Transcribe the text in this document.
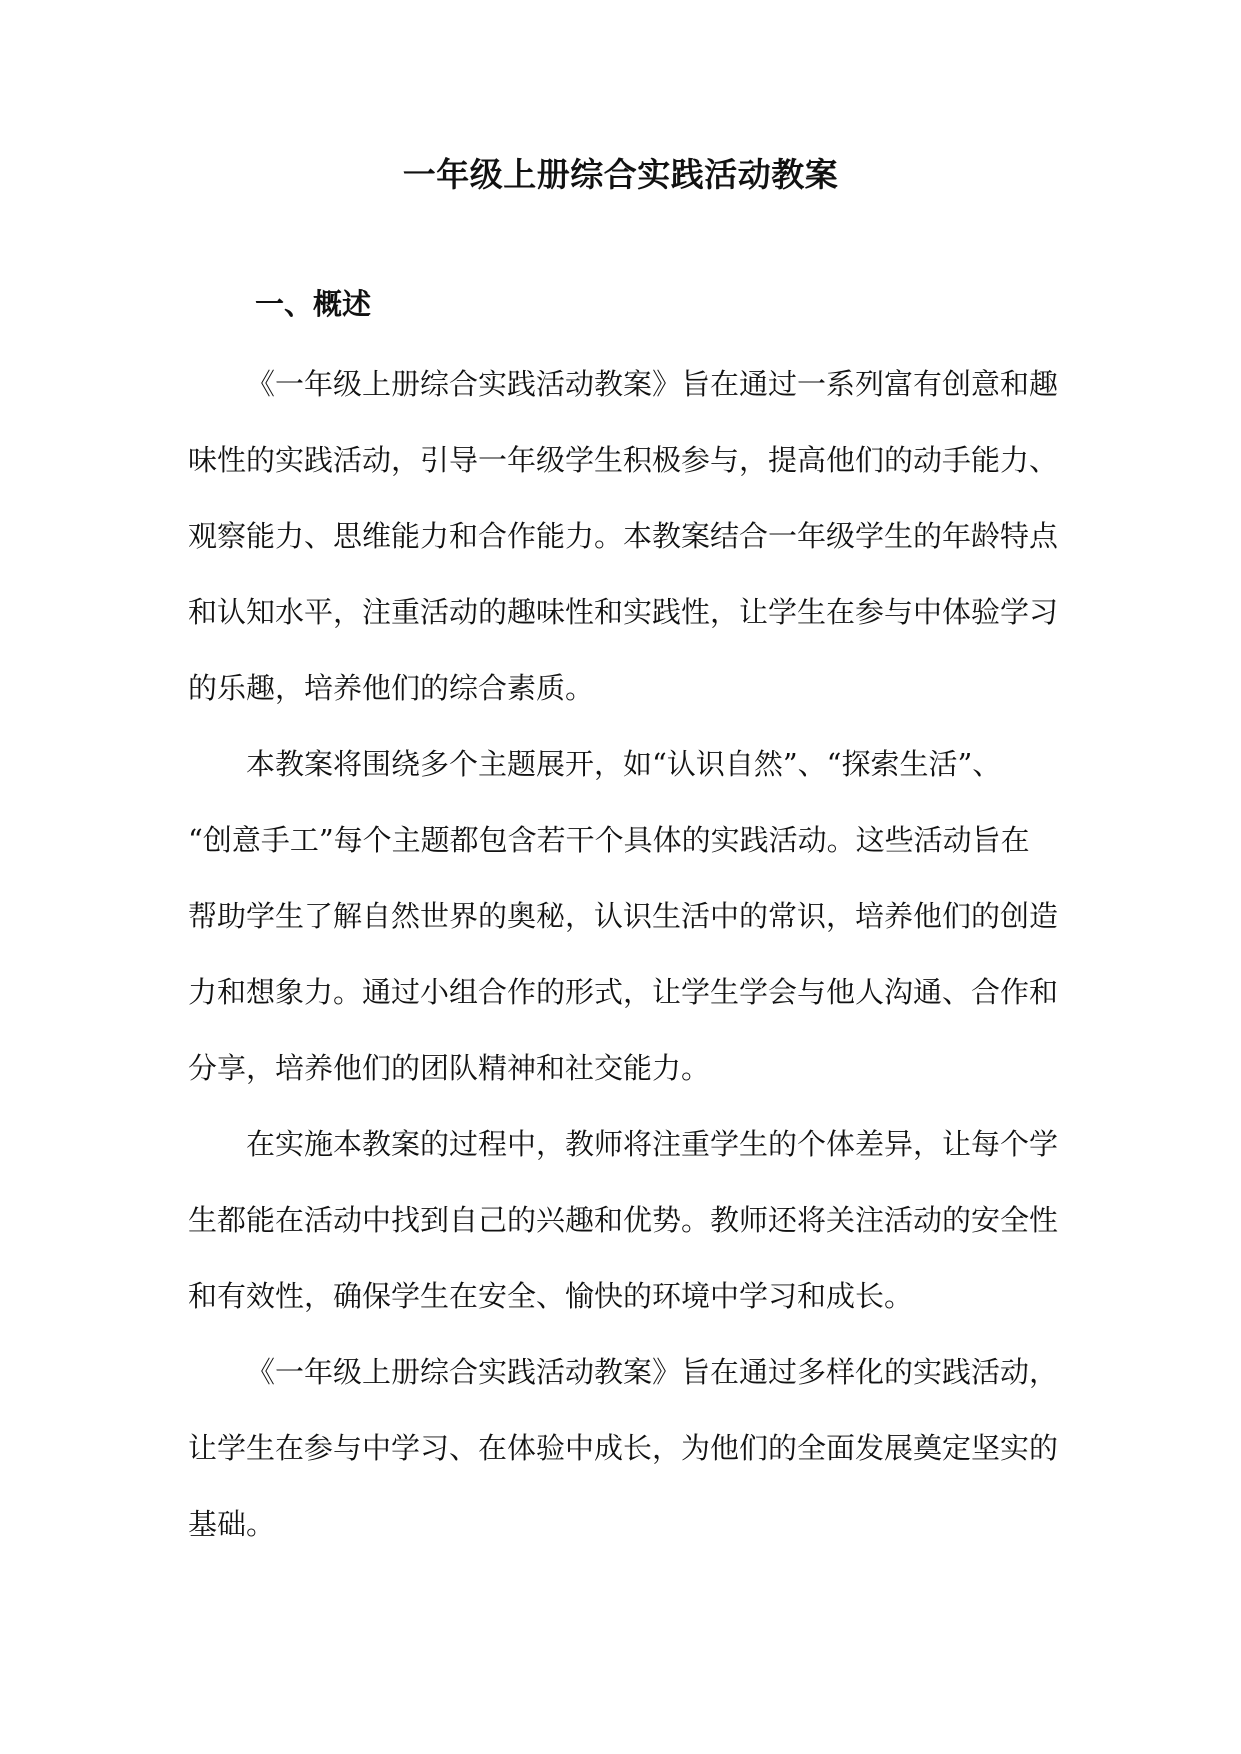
一年级上册综合实践活动教案
一、概述

《一年级上册综合实践活动教案》旨在通过一系列富有创意和趣

味性的实践活动，引导一年级学生积极参与，提高他们的动手能力、

观察能力、思维能力和合作能力。本教案结合一年级学生的年龄特点

和认知水平，注重活动的趣味性和实践性，让学生在参与中体验学习

的乐趣，培养他们的综合素质。

本教案将围绕多个主题展开，如“认识自然”、“探索生活”、

“创意手工”每个主题都包含若干个具体的实践活动。这些活动旨在

帮助学生了解自然世界的奥秘，认识生活中的常识，培养他们的创造

力和想象力。通过小组合作的形式，让学生学会与他人沟通、合作和

分享，培养他们的团队精神和社交能力。

在实施本教案的过程中，教师将注重学生的个体差异，让每个学

生都能在活动中找到自己的兴趣和优势。教师还将关注活动的安全性

和有效性，确保学生在安全、愉快的环境中学习和成长。

《一年级上册综合实践活动教案》旨在通过多样化的实践活动，

让学生在参与中学习、在体验中成长，为他们的全面发展奠定坚实的

基础。
